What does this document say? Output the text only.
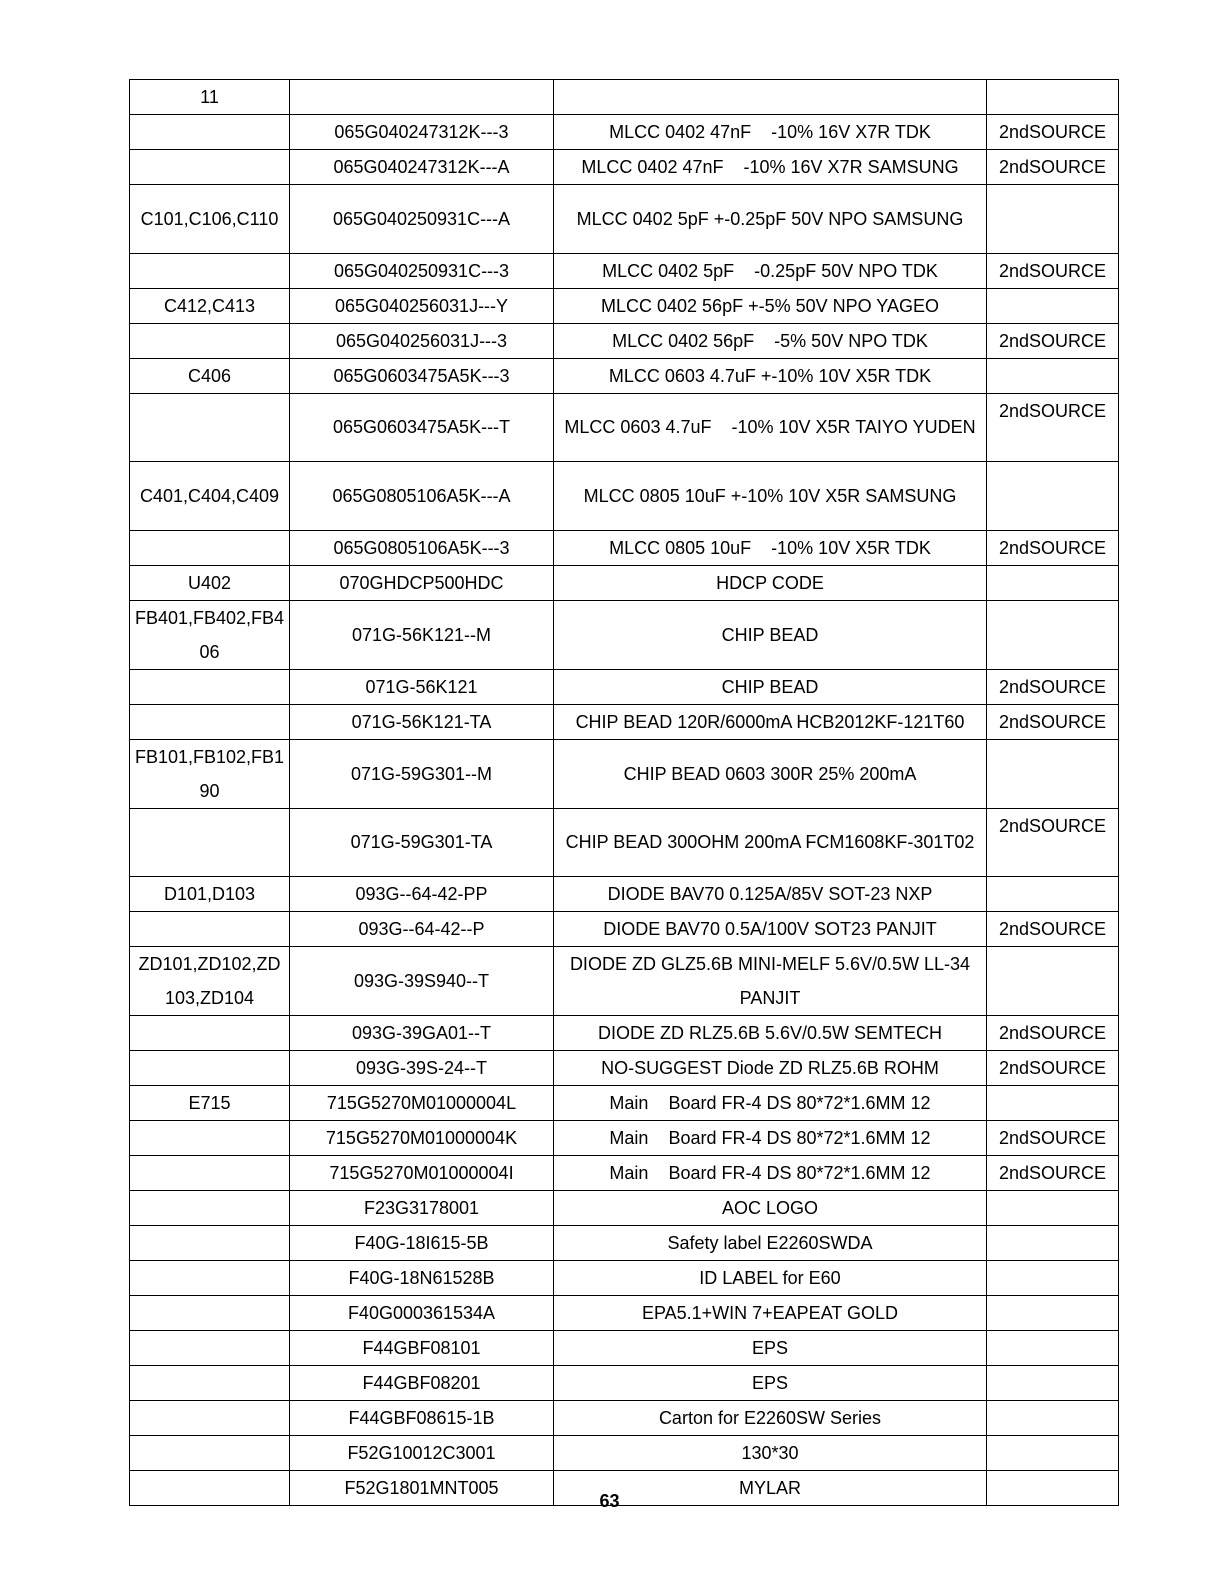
11			
	065G040247312K---3	MLCC 0402 47nF    -10% 16V X7R TDK	2ndSOURCE
	065G040247312K---A	MLCC 0402 47nF    -10% 16V X7R SAMSUNG	2ndSOURCE
C101,C106,C110	065G040250931C---A	MLCC 0402 5pF +-0.25pF 50V NPO SAMSUNG	
	065G040250931C---3	MLCC 0402 5pF    -0.25pF 50V NPO TDK	2ndSOURCE
C412,C413	065G040256031J---Y	MLCC 0402 56pF +-5% 50V NPO YAGEO	
	065G040256031J---3	MLCC 0402 56pF    -5% 50V NPO TDK	2ndSOURCE
C406	065G0603475A5K---3	MLCC 0603 4.7uF +-10% 10V X5R TDK	
	065G0603475A5K---T	MLCC 0603 4.7uF    -10% 10V X5R TAIYO YUDEN	2ndSOURCE
C401,C404,C409	065G0805106A5K---A	MLCC 0805 10uF +-10% 10V X5R SAMSUNG	
	065G0805106A5K---3	MLCC 0805 10uF    -10% 10V X5R TDK	2ndSOURCE
U402	070GHDCP500HDC	HDCP CODE	
FB401,FB402,FB406	071G-56K121--M	CHIP BEAD	
	071G-56K121	CHIP BEAD	2ndSOURCE
	071G-56K121-TA	CHIP BEAD 120R/6000mA HCB2012KF-121T60	2ndSOURCE
FB101,FB102,FB190	071G-59G301--M	CHIP BEAD 0603 300R 25% 200mA	
	071G-59G301-TA	CHIP BEAD 300OHM 200mA FCM1608KF-301T02	2ndSOURCE
D101,D103	093G--64-42-PP	DIODE BAV70 0.125A/85V SOT-23 NXP	
	093G--64-42--P	DIODE BAV70 0.5A/100V SOT23 PANJIT	2ndSOURCE
ZD101,ZD102,ZD103,ZD104	093G-39S940--T	DIODE ZD GLZ5.6B MINI-MELF 5.6V/0.5W LL-34 PANJIT	
	093G-39GA01--T	DIODE ZD RLZ5.6B 5.6V/0.5W SEMTECH	2ndSOURCE
	093G-39S-24--T	NO-SUGGEST Diode ZD RLZ5.6B ROHM	2ndSOURCE
E715	715G5270M01000004L	Main    Board FR-4 DS 80*72*1.6MM 12	
	715G5270M01000004K	Main    Board FR-4 DS 80*72*1.6MM 12	2ndSOURCE
	715G5270M01000004I	Main    Board FR-4 DS 80*72*1.6MM 12	2ndSOURCE
	F23G3178001	AOC LOGO	
	F40G-18I615-5B	Safety label E2260SWDA	
	F40G-18N61528B	ID LABEL for E60	
	F40G000361534A	EPA5.1+WIN 7+EAPEAT GOLD	
	F44GBF08101	EPS	
	F44GBF08201	EPS	
	F44GBF08615-1B	Carton for E2260SW Series	
	F52G10012C3001	130*30	
	F52G1801MNT005	MYLAR	
63
